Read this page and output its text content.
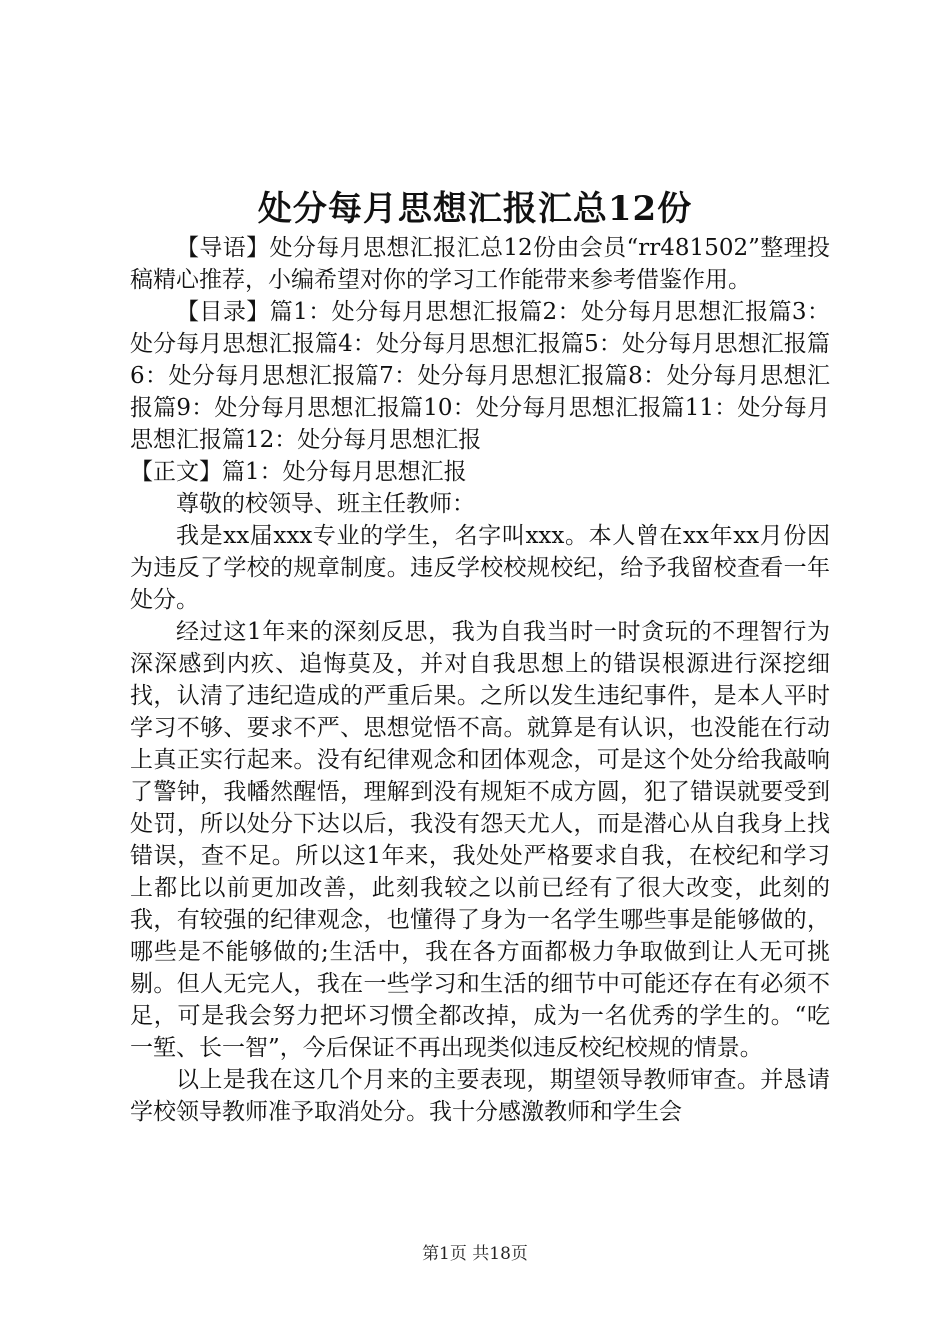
处分每月思想汇报汇总12份

【导语】处分每月思想汇报汇总12份由会员“rr481502”整理投稿精心推荐，小编希望对你的学习工作能带来参考借鉴作用。

【目录】篇1：处分每月思想汇报篇2：处分每月思想汇报篇3：处分每月思想汇报篇4：处分每月思想汇报篇5：处分每月思想汇报篇6：处分每月思想汇报篇7：处分每月思想汇报篇8：处分每月思想汇报篇9：处分每月思想汇报篇10：处分每月思想汇报篇11：处分每月思想汇报篇12：处分每月思想汇报

【正文】篇1：处分每月思想汇报

尊敬的校领导、班主任教师：

我是xx届xxx专业的学生，名字叫xxx。本人曾在xx年xx月份因为违反了学校的规章制度。违反学校校规校纪，给予我留校查看一年处分。

经过这1年来的深刻反思，我为自我当时一时贪玩的不理智行为深深感到内疚、追悔莫及，并对自我思想上的错误根源进行深挖细找，认清了违纪造成的严重后果。之所以发生违纪事件，是本人平时学习不够、要求不严、思想觉悟不高。就算是有认识，也没能在行动上真正实行起来。没有纪律观念和团体观念，可是这个处分给我敲响了警钟，我幡然醒悟，理解到没有规矩不成方圆，犯了错误就要受到处罚，所以处分下达以后，我没有怨天尤人，而是潜心从自我身上找错误，查不足。所以这1年来，我处处严格要求自我，在校纪和学习上都比以前更加改善，此刻我较之以前已经有了很大改变，此刻的我，有较强的纪律观念，也懂得了身为一名学生哪些事是能够做的，哪些是不能够做的;生活中，我在各方面都极力争取做到让人无可挑剔。但人无完人，我在一些学习和生活的细节中可能还存在有必须不足，可是我会努力把坏习惯全都改掉，成为一名优秀的学生的。“吃一堑、长一智”，今后保证不再出现类似违反校纪校规的情景。

以上是我在这几个月来的主要表现，期望领导教师审查。并恳请学校领导教师准予取消处分。我十分感激教师和学生会

第1页 共18页
